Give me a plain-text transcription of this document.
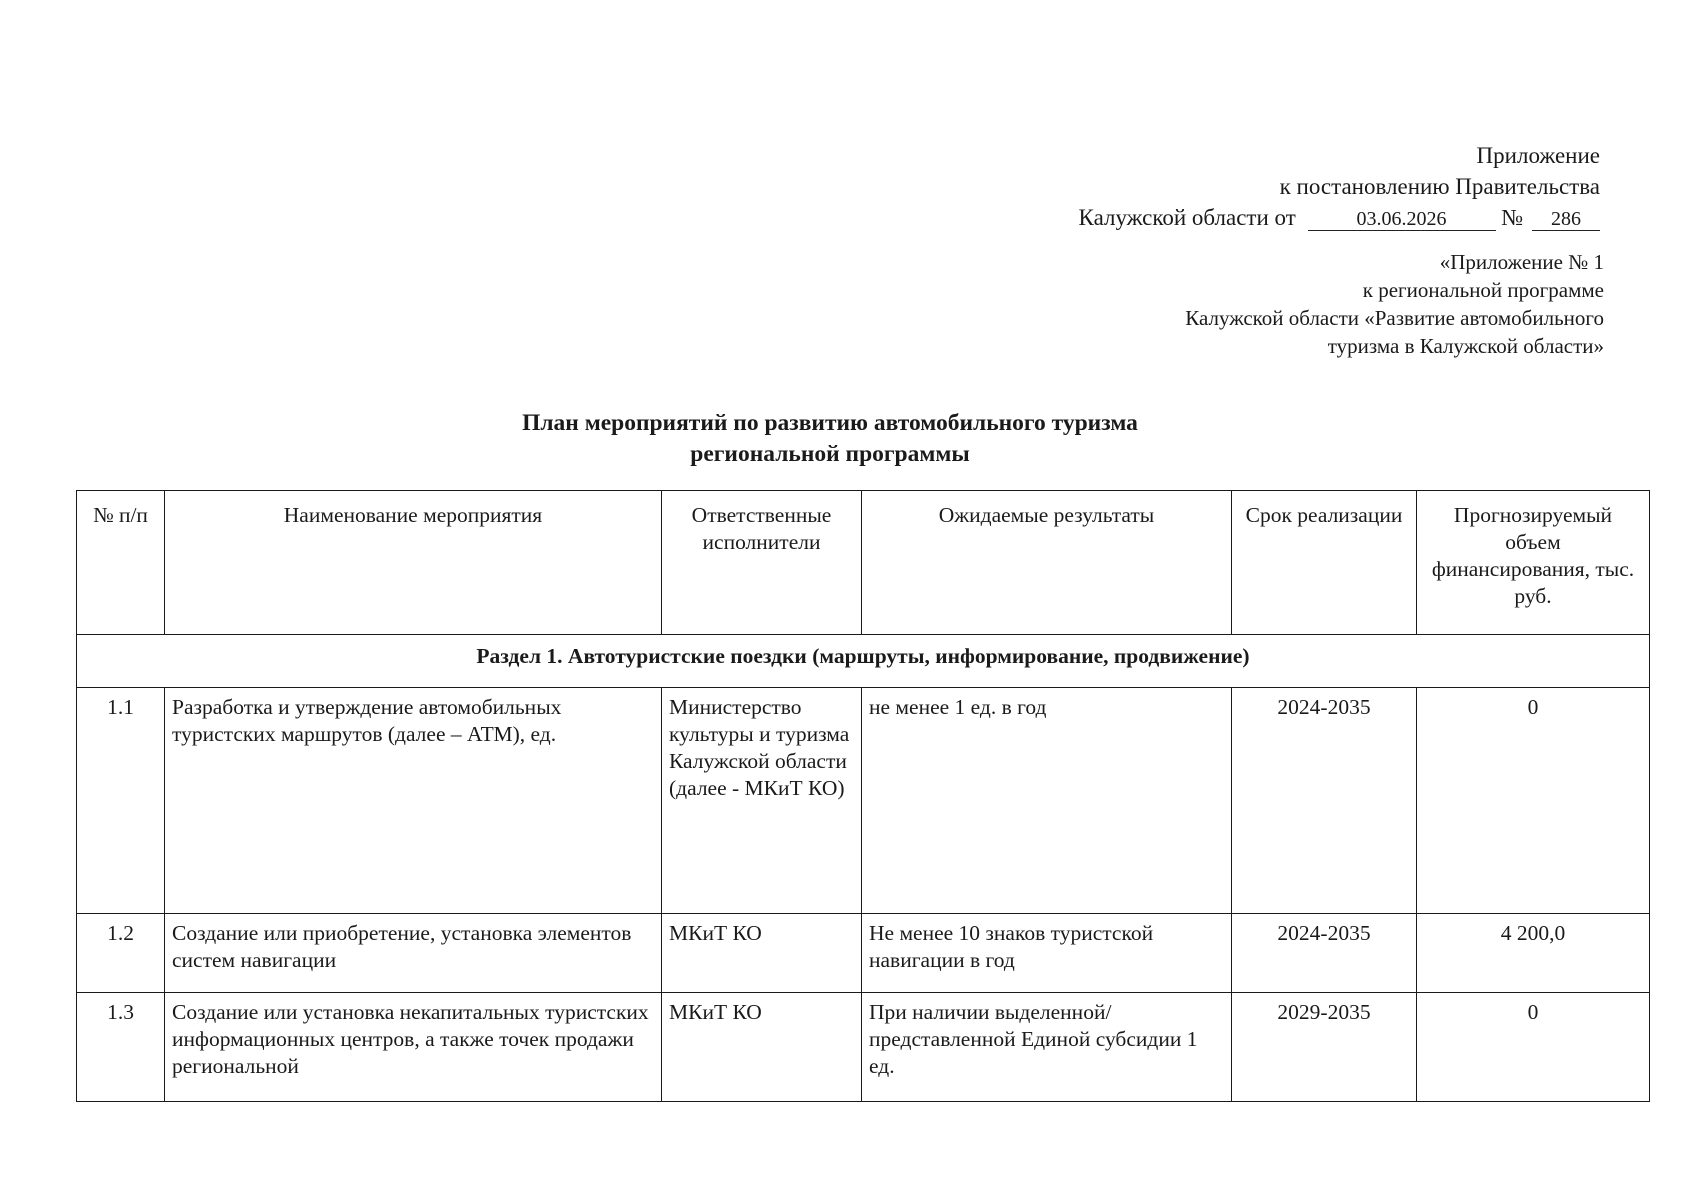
Приложение
к постановлению Правительства
Калужской области от	03.06.2026 № 286
«Приложение № 1
к региональной программе
Калужской области «Развитие автомобильного
туризма в Калужской области»
План мероприятий по развитию автомобильного туризма
региональной программы
№ п/п	Наименование мероприятия	Ответственные исполнители	Ожидаемые результаты	Срок реализации	Прогнозируемый объем финансирования, тыс. руб.
Раздел 1. Автотуристские поездки (маршруты, информирование, продвижение)					
1.1	Разработка и утверждение автомобильных туристских маршрутов (далее – АТМ), ед.	Министерство культуры и туризма Калужской области (далее - МКиТ КО)	не менее 1 ед. в год	2024-2035	0
1.2	Создание или приобретение, установка элементов систем навигации	МКиТ КО	Не менее 10 знаков туристской навигации в год	2024-2035	4 200,0
1.3	Создание или установка некапитальных туристских информационных центров, а также точек продажи региональной	МКиТ КО	При наличии выделенной/представленной Единой субсидии 1 ед.	2029-2035	0
